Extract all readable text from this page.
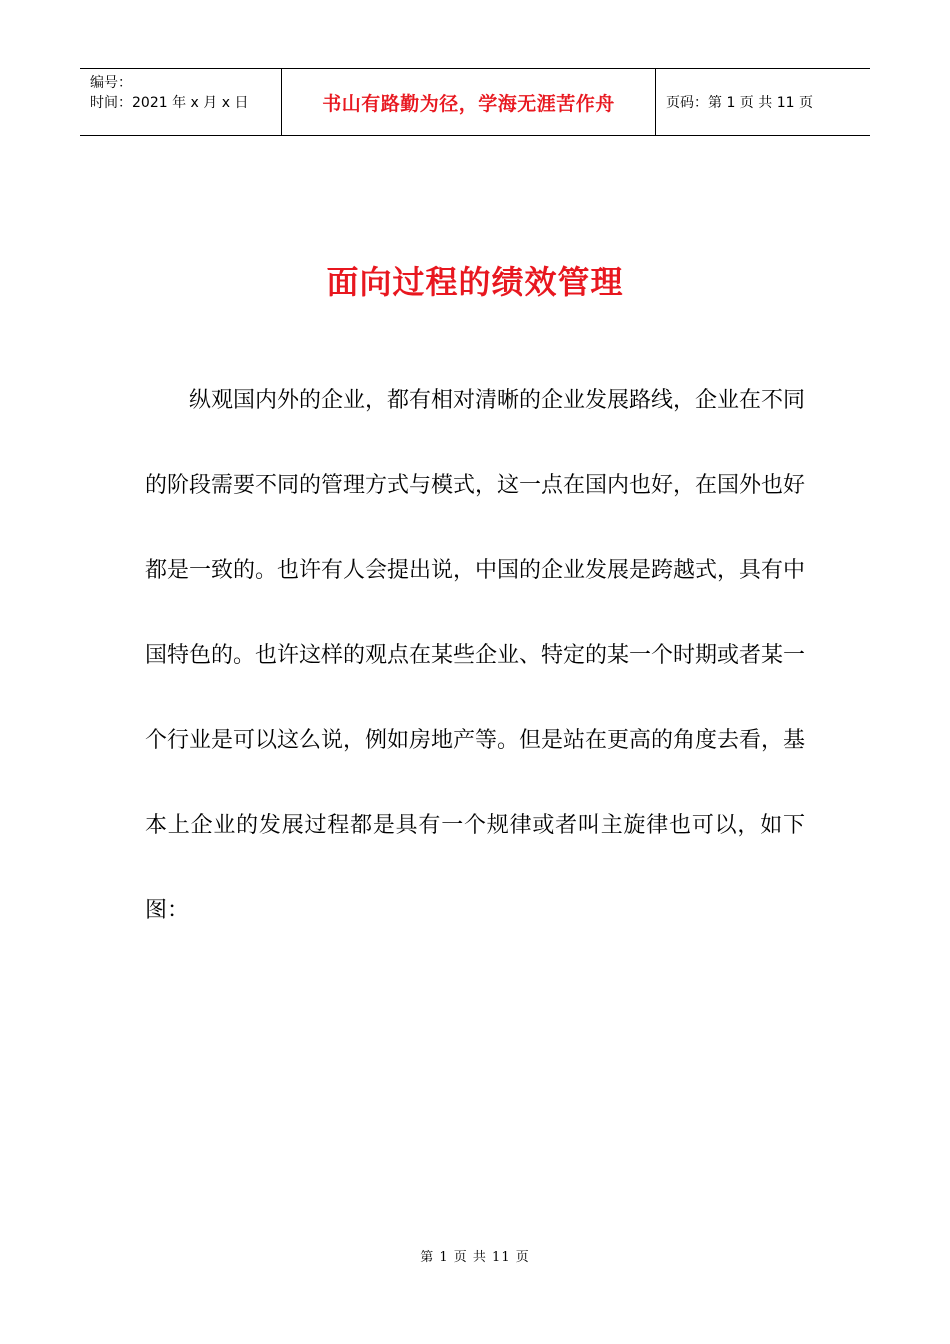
编号：
时间：2021 年 x 月 x 日	书山有路勤为径，学海无涯苦作舟	页码：第 1 页 共 11 页
面向过程的绩效管理

纵观国内外的企业，都有相对清晰的企业发展路线，企业在不同的阶段需要不同的管理方式与模式，这一点在国内也好，在国外也好都是一致的。也许有人会提出说，中国的企业发展是跨越式，具有中国特色的。也许这样的观点在某些企业、特定的某一个时期或者某一个行业是可以这么说，例如房地产等。但是站在更高的角度去看，基本上企业的发展过程都是具有一个规律或者叫主旋律也可以，如下图：

第 1 页 共 11 页
